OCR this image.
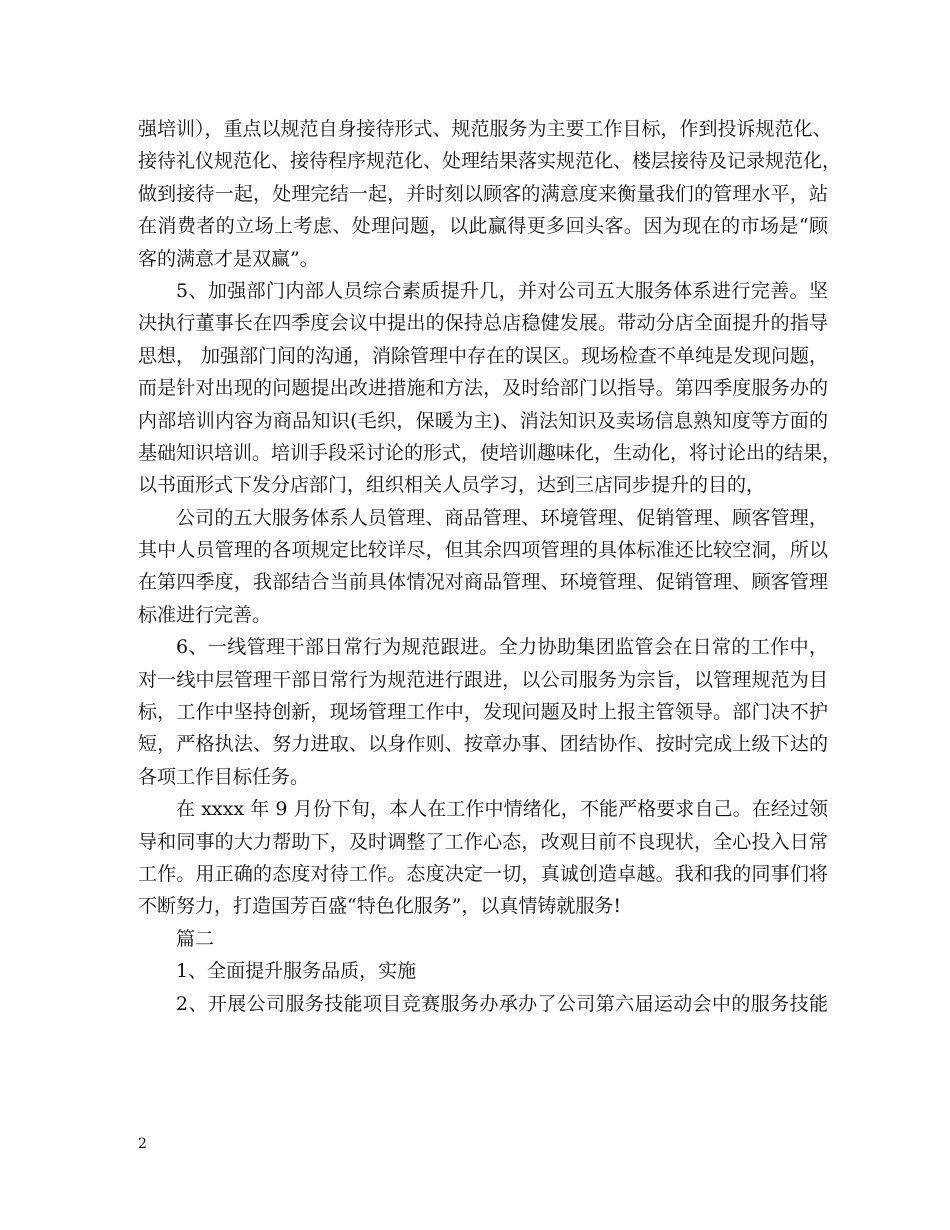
强培训），重点以规范自身接待形式、规范服务为主要工作目标，作到投诉规范化、
接待礼仪规范化、接待程序规范化、处理结果落实规范化、楼层接待及记录规范化，
做到接待一起，处理完结一起，并时刻以顾客的满意度来衡量我们的管理水平，站
在消费者的立场上考虑、处理问题，以此赢得更多回头客。因为现在的市场是“顾
客的满意才是双赢”。
5、加强部门内部人员综合素质提升几，并对公司五大服务体系进行完善。坚
决执行董事长在四季度会议中提出的保持总店稳健发展。带动分店全面提升的指导
思想， 加强部门间的沟通，消除管理中存在的误区。现场检查不单纯是发现问题，
而是针对出现的问题提出改进措施和方法，及时给部门以指导。第四季度服务办的
内部培训内容为商品知识(毛织，保暖为主)、消法知识及卖场信息熟知度等方面的
基础知识培训。培训手段采讨论的形式，使培训趣味化，生动化，将讨论出的结果，
以书面形式下发分店部门，组织相关人员学习，达到三店同步提升的目的，
公司的五大服务体系人员管理、商品管理、环境管理、促销管理、顾客管理，
其中人员管理的各项规定比较详尽，但其余四项管理的具体标准还比较空洞，所以
在第四季度，我部结合当前具体情况对商品管理、环境管理、促销管理、顾客管理
标准进行完善。
6、一线管理干部日常行为规范跟进。全力协助集团监管会在日常的工作中，
对一线中层管理干部日常行为规范进行跟进，以公司服务为宗旨，以管理规范为目
标，工作中坚持创新，现场管理工作中，发现问题及时上报主管领导。部门决不护
短，严格执法、努力进取、以身作则、按章办事、团结协作、按时完成上级下达的
各项工作目标任务。
在 xxxx 年 9 月份下旬，本人在工作中情绪化，不能严格要求自己。在经过领
导和同事的大力帮助下，及时调整了工作心态，改观目前不良现状，全心投入日常
工作。用正确的态度对待工作。态度决定一切，真诚创造卓越。我和我的同事们将
不断努力，打造国芳百盛“特色化服务”，以真情铸就服务!
篇二
1、全面提升服务品质，实施
2、开展公司服务技能项目竞赛服务办承办了公司第六届运动会中的服务技能
2
